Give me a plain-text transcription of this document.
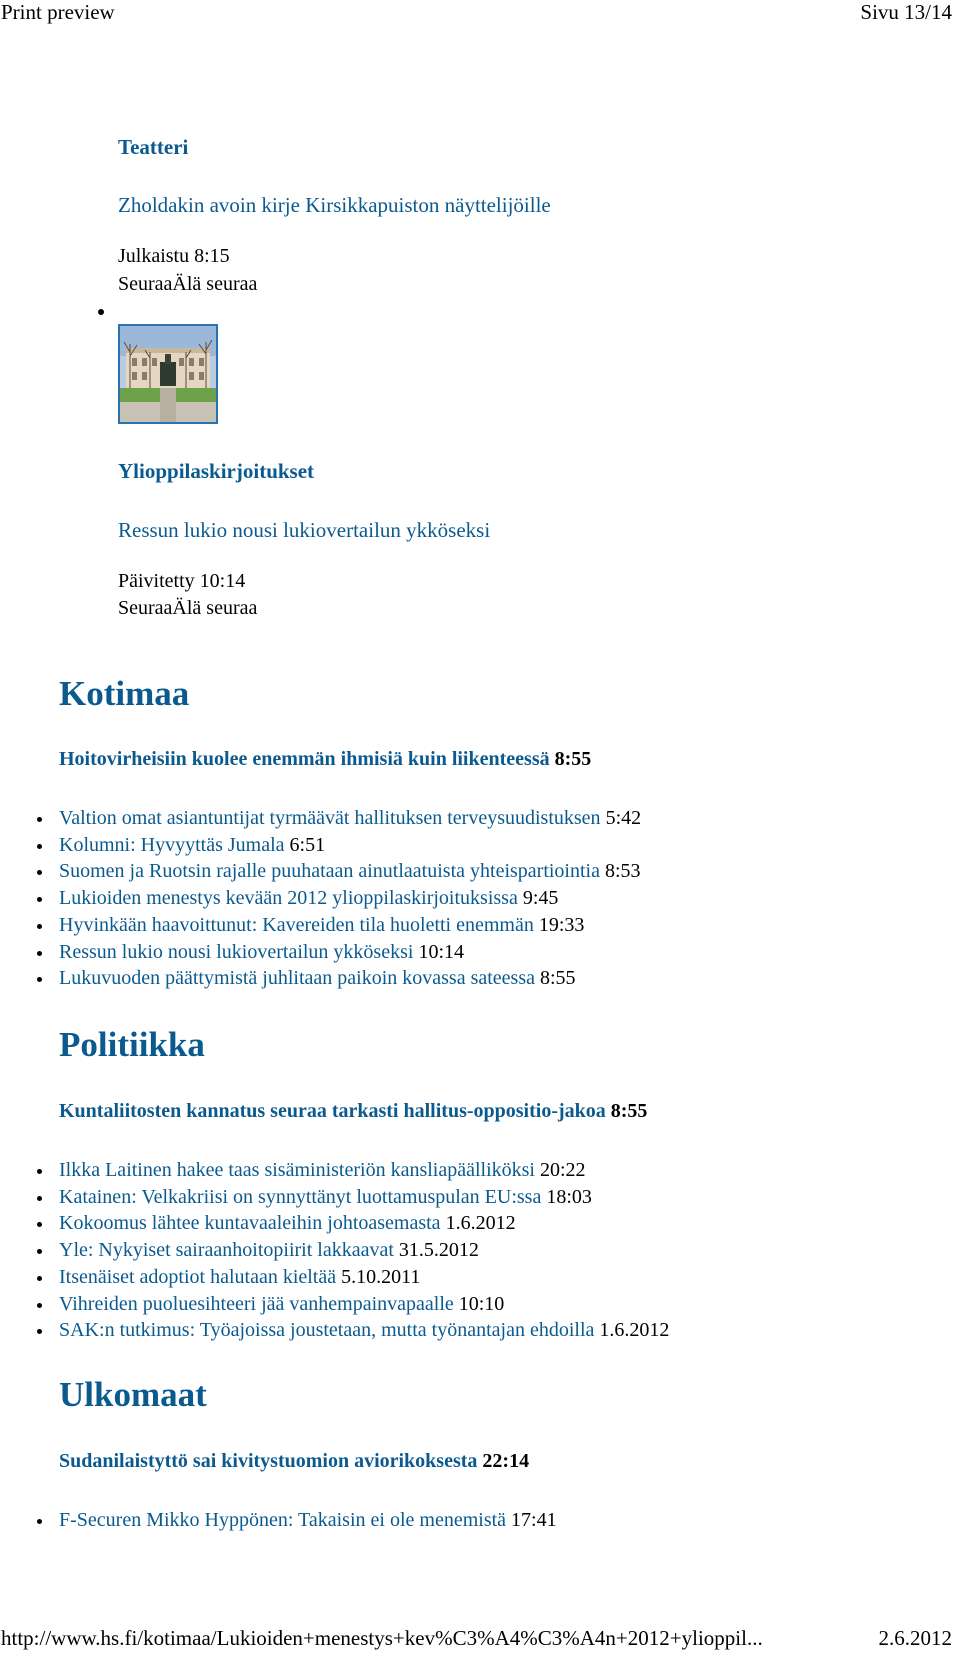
Print preview	Sivu 13/14
Teatteri
Zholdakin avoin kirje Kirsikkapuiston näyttelijöille
Julkaistu 8:15
SeuraaÄlä seuraa
Ylioppilaskirjoitukset
Ressun lukio nousi lukiovertailun ykköseksi
Päivitetty 10:14
SeuraaÄlä seuraa
Kotimaa
Hoitovirheisiin kuolee enemmän ihmisiä kuin liikenteessä 8:55
Valtion omat asiantuntijat tyrmäävät hallituksen terveysuudistuksen 5:42
Kolumni: Hyvyyttäs Jumala 6:51
Suomen ja Ruotsin rajalle puuhataan ainutlaatuista yhteispartiointia 8:53
Lukioiden menestys kevään 2012 ylioppilaskirjoituksissa 9:45
Hyvinkään haavoittunut: Kavereiden tila huoletti enemmän 19:33
Ressun lukio nousi lukiovertailun ykköseksi 10:14
Lukuvuoden päättymistä juhlitaan paikoin kovassa sateessa 8:55
Politiikka
Kuntaliitosten kannatus seuraa tarkasti hallitus-oppositio-jakoa 8:55
Ilkka Laitinen hakee taas sisäministeriön kansliapäälliköksi 20:22
Katainen: Velkakriisi on synnyttänyt luottamuspulan EU:ssa 18:03
Kokoomus lähtee kuntavaaleihin johtoasemasta 1.6.2012
Yle: Nykyiset sairaanhoitopiirit lakkaavat 31.5.2012
Itsenäiset adoptiot halutaan kieltää 5.10.2011
Vihreiden puoluesihteeri jää vanhempainvapaalle 10:10
SAK:n tutkimus: Työajoissa joustetaan, mutta työnantajan ehdoilla 1.6.2012
Ulkomaat
Sudanilaistyttö sai kivitystuomion aviorikoksesta 22:14
F-Securen Mikko Hyppönen: Takaisin ei ole menemistä 17:41
http://www.hs.fi/kotimaa/Lukioiden+menestys+kev%C3%A4%C3%A4n+2012+ylioppil...	2.6.2012
